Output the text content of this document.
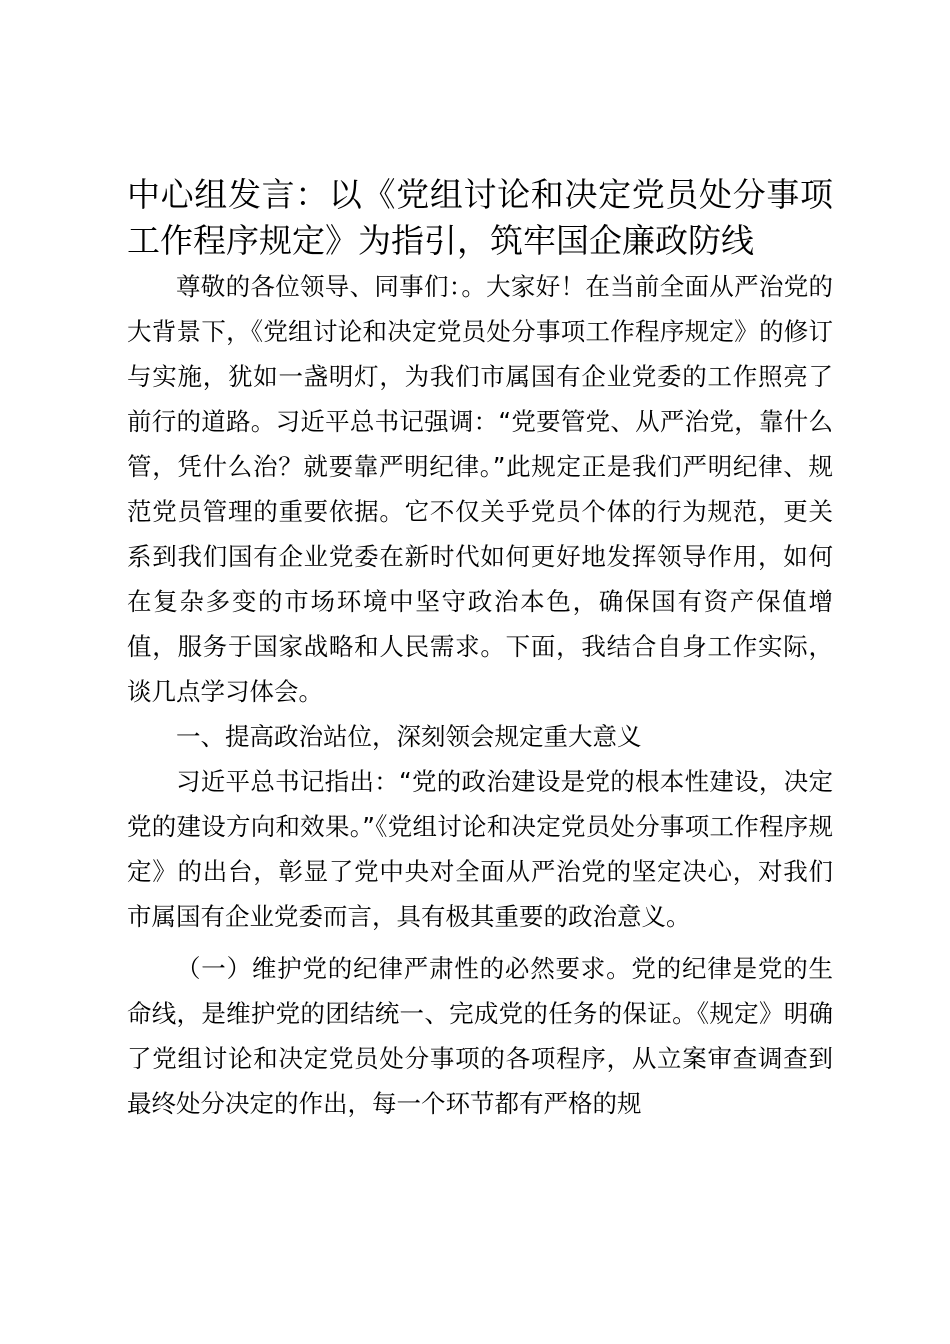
中心组发言：以《党组讨论和决定党员处分事项工作程序规定》为指引，筑牢国企廉政防线

尊敬的各位领导、同事们：。大家好！在当前全面从严治党的大背景下，《党组讨论和决定党员处分事项工作程序规定》的修订与实施，犹如一盏明灯，为我们市属国有企业党委的工作照亮了前行的道路。习近平总书记强调：“党要管党、从严治党，靠什么管，凭什么治？就要靠严明纪律。”此规定正是我们严明纪律、规范党员管理的重要依据。它不仅关乎党员个体的行为规范，更关系到我们国有企业党委在新时代如何更好地发挥领导作用，如何在复杂多变的市场环境中坚守政治本色，确保国有资产保值增值，服务于国家战略和人民需求。下面，我结合自身工作实际，谈几点学习体会。

一、提高政治站位，深刻领会规定重大意义

习近平总书记指出：“党的政治建设是党的根本性建设，决定党的建设方向和效果。”《党组讨论和决定党员处分事项工作程序规定》的出台，彰显了党中央对全面从严治党的坚定决心，对我们市属国有企业党委而言，具有极其重要的政治意义。

（一）维护党的纪律严肃性的必然要求。党的纪律是党的生命线，是维护党的团结统一、完成党的任务的保证。《规定》明确了党组讨论和决定党员处分事项的各项程序，从立案审查调查到最终处分决定的作出，每一个环节都有严格的规
